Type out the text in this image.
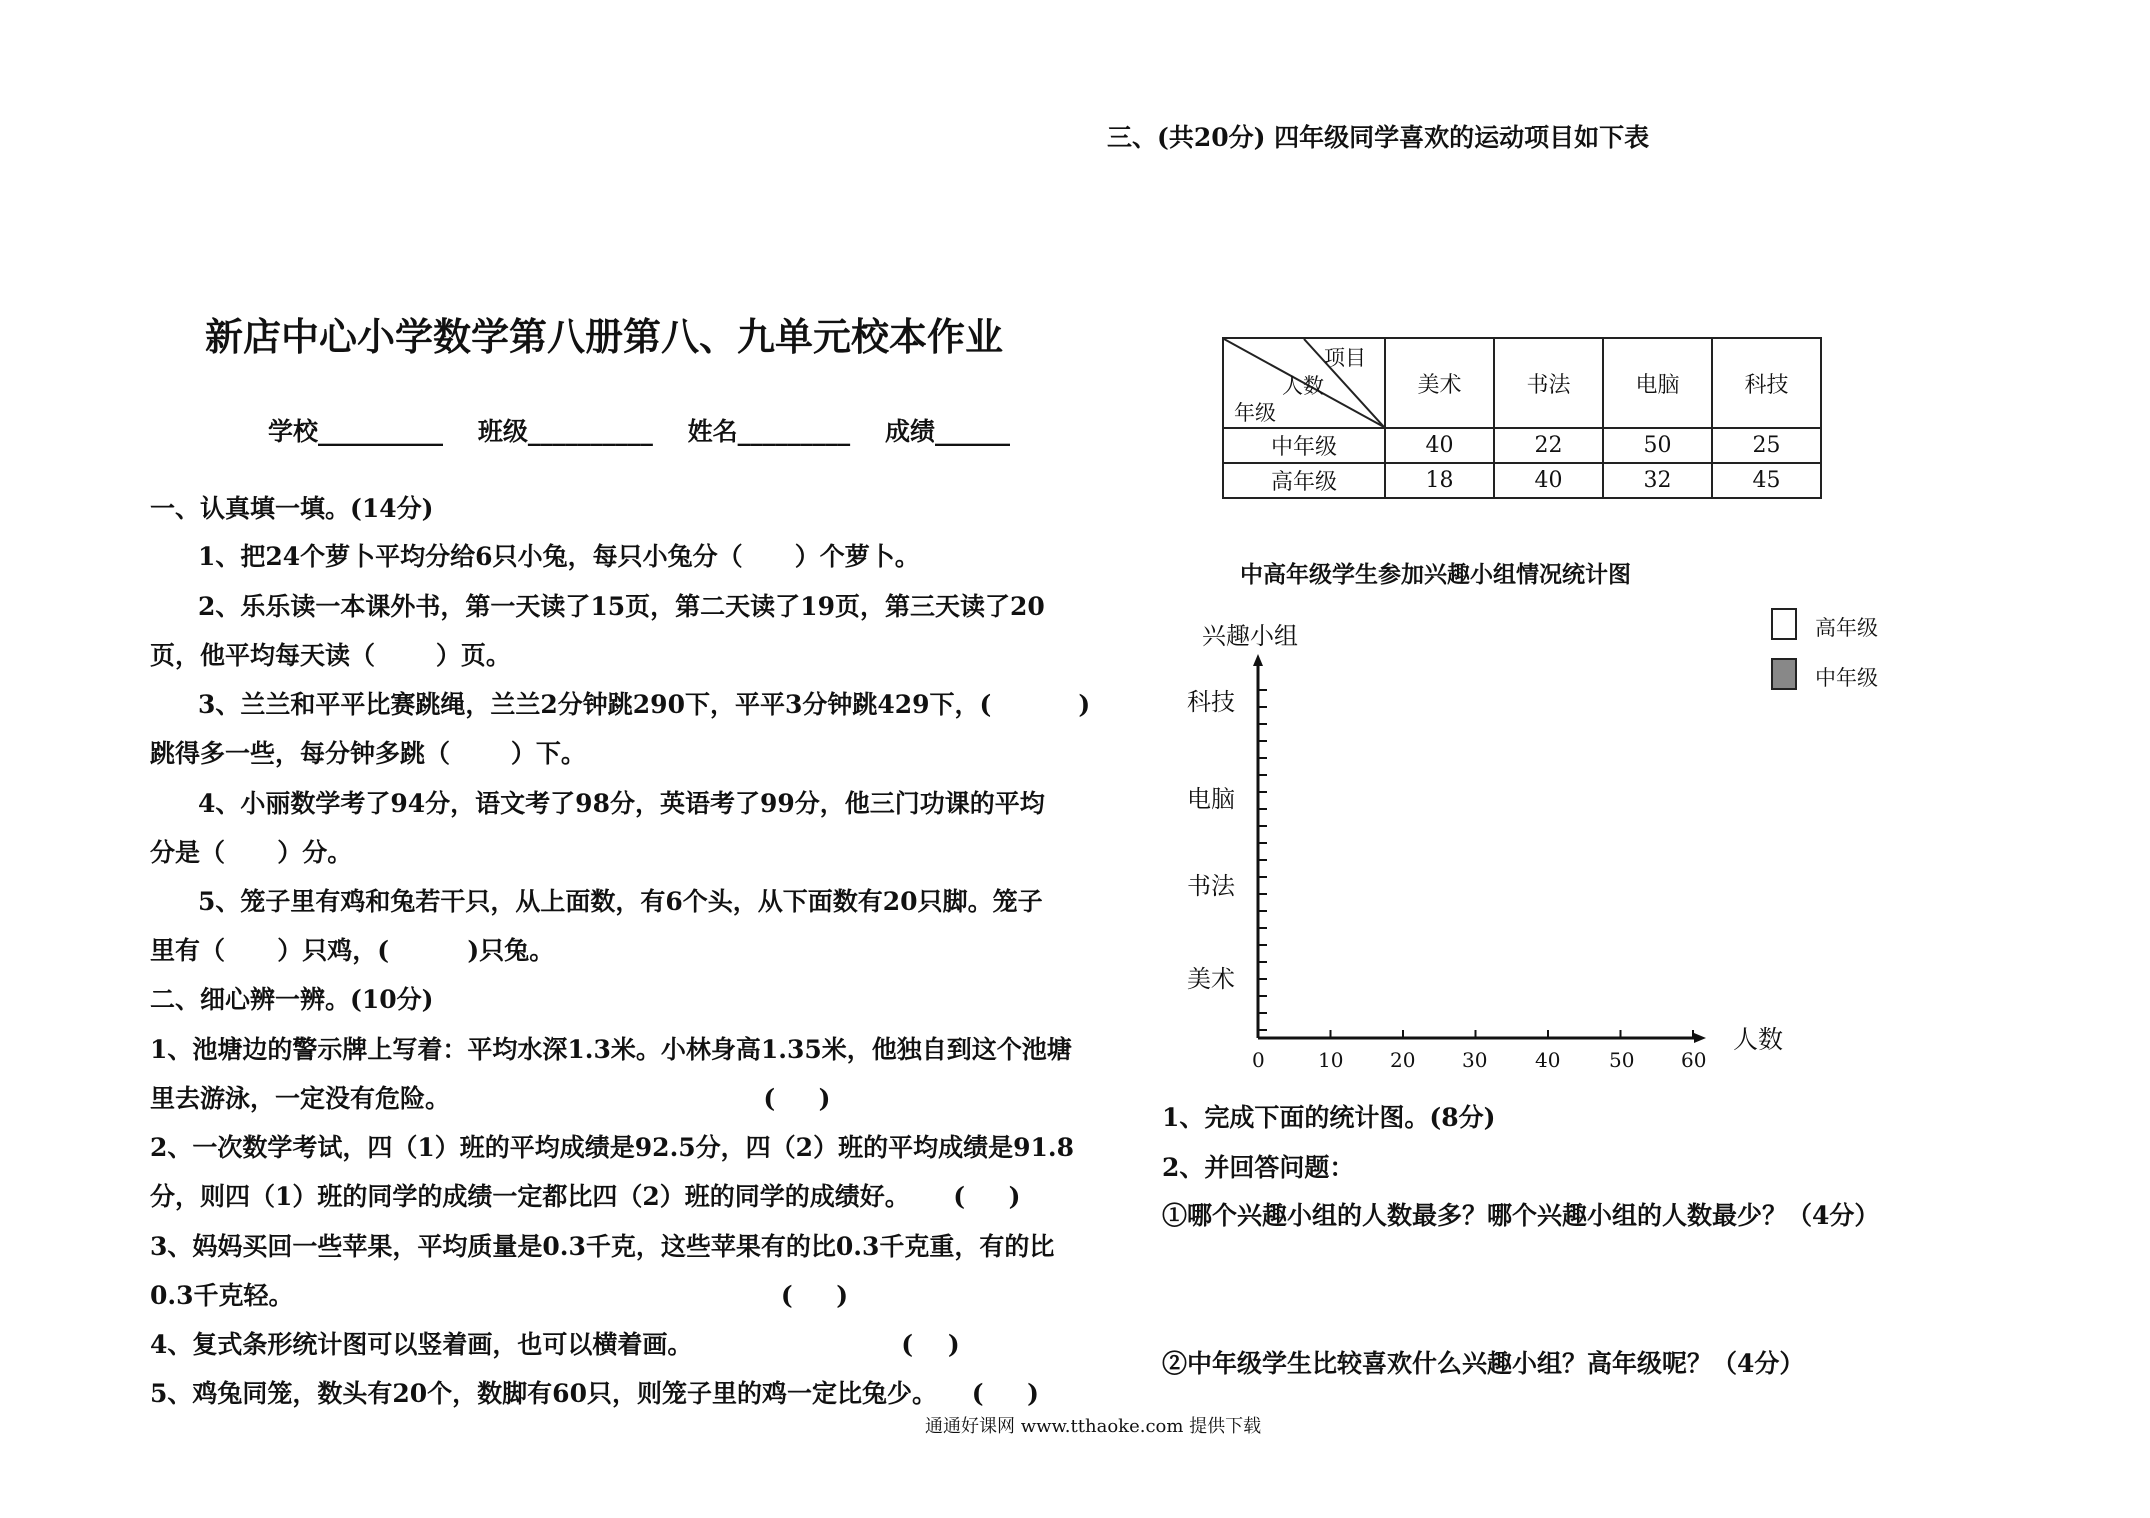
三、(共20分) 四年级同学喜欢的运动项目如下表
新店中心小学数学第八册第八、九单元校本作业
学校__________    班级__________    姓名_________    成绩______
一、认真填一填。(14分)
1、把24个萝卜平均分给6只小兔，每只小兔分（      ）个萝卜。
2、乐乐读一本课外书，第一天读了15页，第二天读了19页，第三天读了20
页，他平均每天读（       ）页。
3、兰兰和平平比赛跳绳，兰兰2分钟跳290下，平平3分钟跳429下，(          )
跳得多一些，每分钟多跳（       ）下。
4、小丽数学考了94分，语文考了98分，英语考了99分，他三门功课的平均
分是（      ）分。
5、笼子里有鸡和兔若干只，从上面数，有6个头，从下面数有20只脚。笼子
里有（      ）只鸡，(         )只兔。
二、细心辨一辨。(10分)
1、池塘边的警示牌上写着：平均水深1.3米。小林身高1.35米，他独自到这个池塘
里去游泳，一定没有危险。                                    (     )
2、一次数学考试，四（1）班的平均成绩是92.5分，四（2）班的平均成绩是91.8
分，则四（1）班的同学的成绩一定都比四（2）班的同学的成绩好。     (     )
3、妈妈买回一些苹果，平均质量是0.3千克，这些苹果有的比0.3千克重，有的比
0.3千克轻。                                                        (     )
4、复式条形统计图可以竖着画，也可以横着画。                        (    )
5、鸡兔同笼，数头有20个，数脚有60只，则笼子里的鸡一定比兔少。    (     )
项目
人数
年级	美术	书法	电脑	科技
中年级	40	22	50	25
高年级	18	40	32	45
中高年级学生参加兴趣小组情况统计图
兴趣小组	高年级
中年级
科技
电脑
书法
美术
0	10 20 30 40 50 60
人数
1、完成下面的统计图。(8分)
2、并回答问题：
①哪个兴趣小组的人数最多？哪个兴趣小组的人数最少？（4分）
②中年级学生比较喜欢什么兴趣小组？高年级呢？（4分）
通通好课网 www.tthaoke.com 提供下载
